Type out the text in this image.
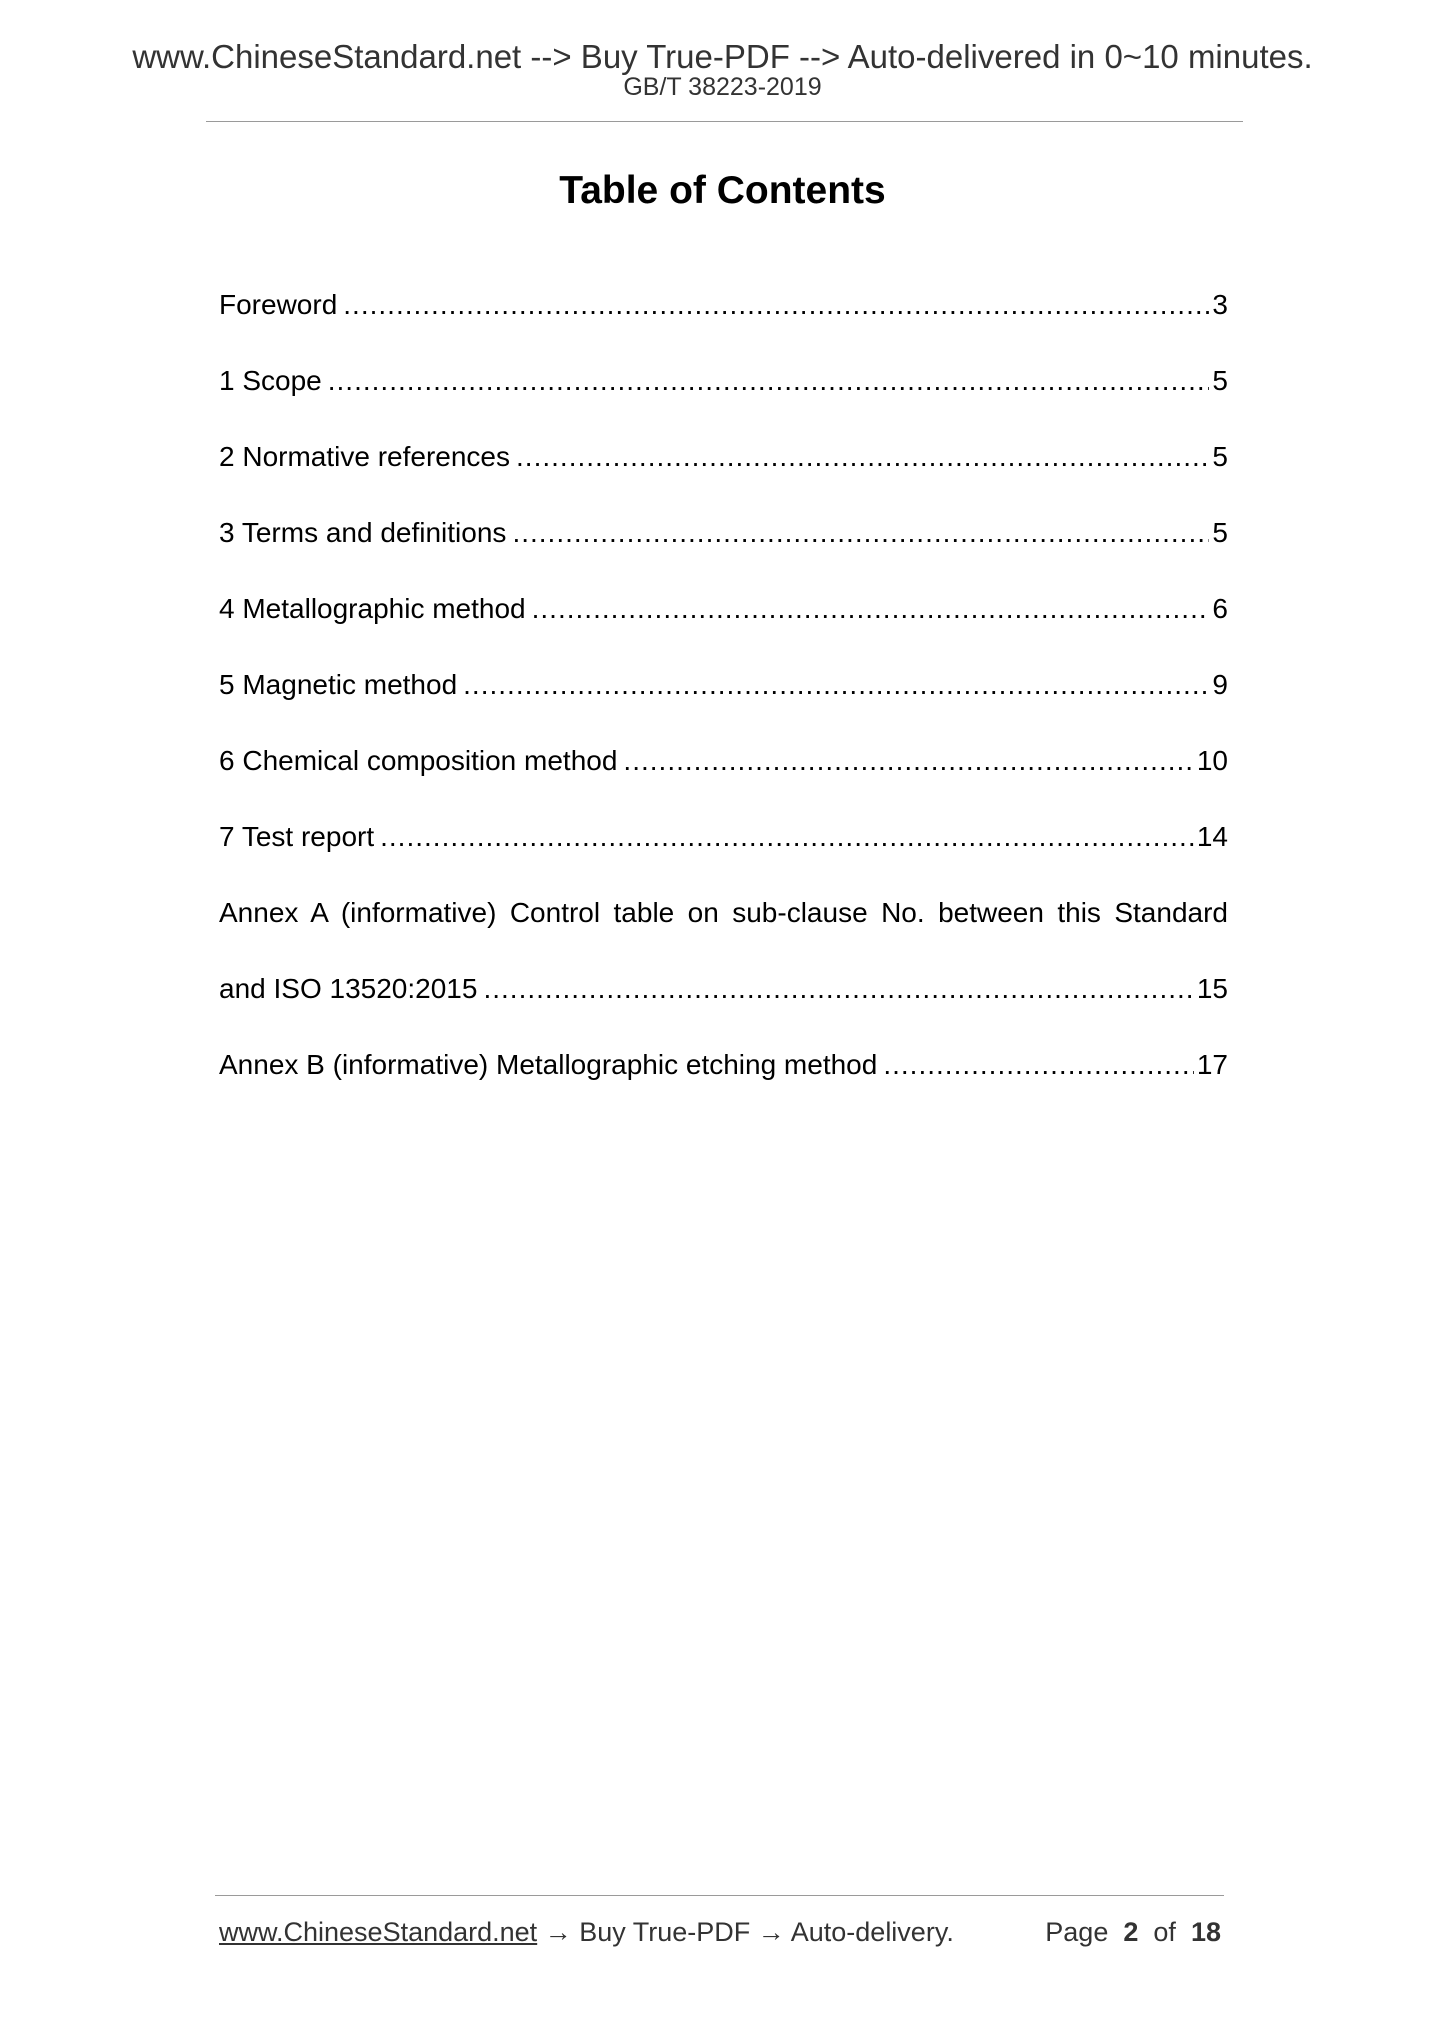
www.ChineseStandard.net --> Buy True-PDF --> Auto-delivered in 0~10 minutes.
GB/T 38223-2019
Table of Contents
Foreword .....	3
1 Scope .....	5
2 Normative references .....	5
3 Terms and definitions .....	5
4 Metallographic method .....	6
5 Magnetic method .....	9
6 Chemical composition method .....	10
7 Test report .....	14
Annex A (informative) Control table on sub-clause No. between this Standard
and ISO 13520:2015 .....	15
Annex B (informative) Metallographic etching method .....	17
www.ChineseStandard.net → Buy True-PDF → Auto-delivery.	Page 2 of 18
